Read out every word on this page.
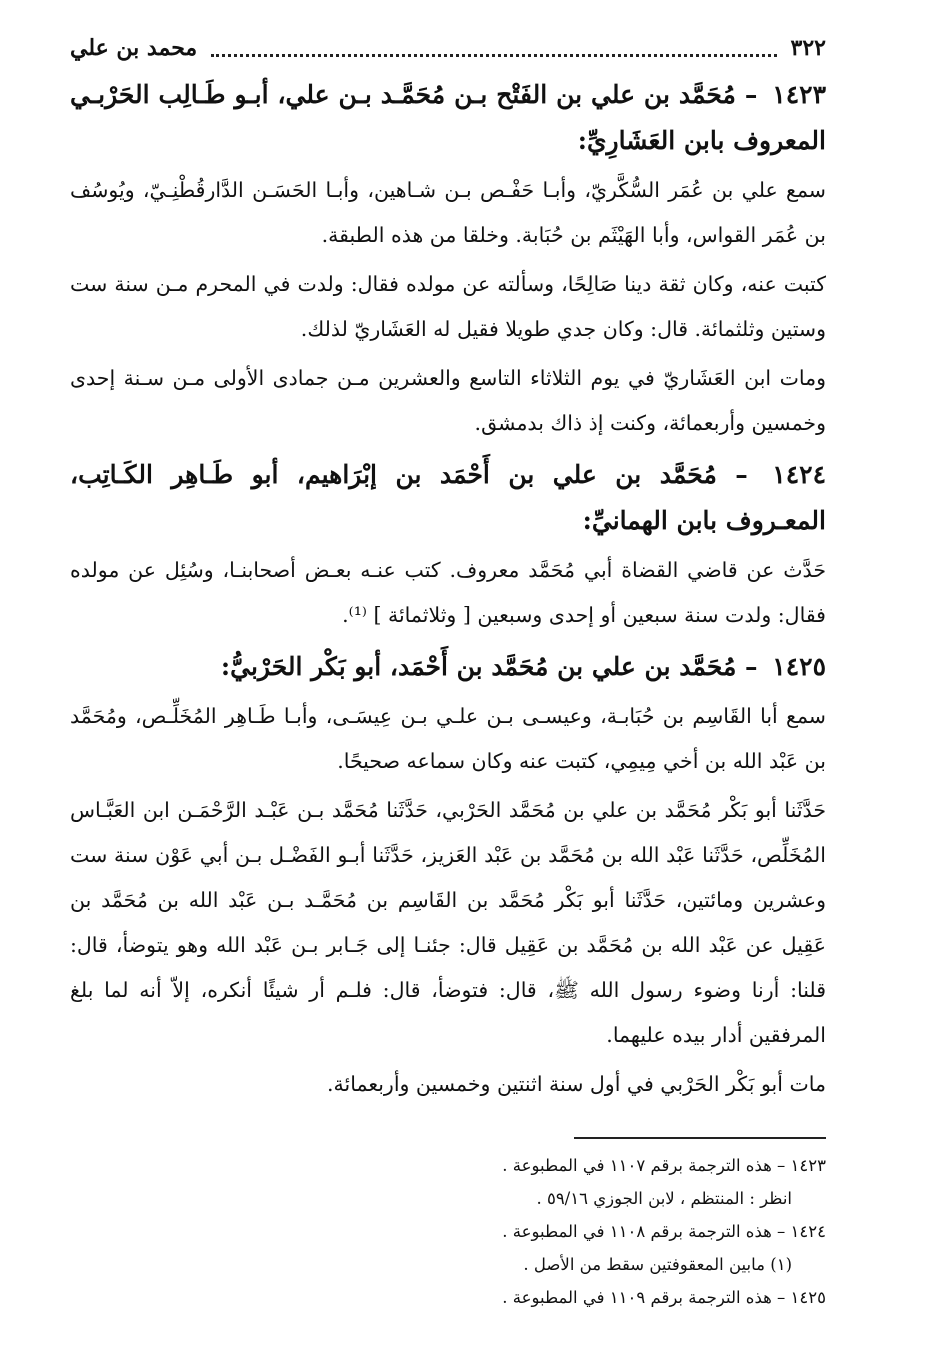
٣٢٢
محمد بن علي
١٤٢٣ – مُحَمَّد بن علي بن الفَتْح بـن مُحَمَّـد بـن علي، أبـو طَـالِب الحَرْبـي المعروف بابن العَشَارِيِّ:

سمع علي بن عُمَر السُّكَّريّ، وأبـا حَفْـص بـن شـاهين، وأبـا الحَسَـن الدَّارقُطْنِـيّ، ويُوسُف بن عُمَر القواس، وأبا الهَيْثَم بن حُبَابة. وخلقا من هذه الطبقة.

كتبت عنه، وكان ثقة دينا صَالِحًا، وسألته عن مولده فقال: ولدت في المحرم مـن سنة ست وستين وثلثمائة. قال: وكان جدي طويلا فقيل له العَشَاريّ لذلك.

ومات ابن العَشَاريّ في يوم الثلاثاء التاسع والعشرين مـن جمادى الأولى مـن سـنة إحدى وخمسين وأربعمائة، وكنت إذ ذاك بدمشق.

١٤٢٤ – مُحَمَّد بن علي بن أَحْمَد بن إبْرَاهيم، أبو طَـاهِر الكَـاتِب، المعـروف بابن الهمانيِّ:

حَدَّث عن قاضي القضاة أبي مُحَمَّد معروف. كتب عنـه بعـض أصحابنـا، وسُئِل عن مولده فقال: ولدت سنة سبعين أو إحدى وسبعين [ وثلاثمائة ] ⁽¹⁾.

١٤٢٥ – مُحَمَّد بن علي بن مُحَمَّد بن أَحْمَد، أبو بَكْر الحَرْبيُّ:

سمع أبا القَاسِم بن حُبَابـة، وعيسـى بـن علـي بـن عِيسَـى، وأبـا طَـاهِر المُخَلِّـص، ومُحَمَّد بن عَبْد الله بن أخي مِيمِي، كتبت عنه وكان سماعه صحيحًا.

حَدَّثَنا أبو بَكْر مُحَمَّد بن علي بن مُحَمَّد الحَرْبي، حَدَّثَنا مُحَمَّد بـن عَبْـد الرَّحْمَـن ابن العَبَّـاس المُخَلِّص، حَدَّثَنا عَبْد الله بن مُحَمَّد بن عَبْد العَزيز، حَدَّثَنا أبـو الفَضْـل بـن أبي عَوْن سنة ست وعشرين ومائتين، حَدَّثَنا أبو بَكْر مُحَمَّد بن القَاسِم بن مُحَمَّـد بـن عَبْد الله بن مُحَمَّد بن عَقِيل عن عَبْد الله بن مُحَمَّد بن عَقِيل قال: جئنـا إلى جَـابر بـن عَبْد الله وهو يتوضأ، قال: قلنا: أرنا وضوء رسول الله ﷺ، قال: فتوضأ، قال: فلـم أر شيئًا أنكره، إلاّ أنه لما بلغ المرفقين أدار بيده عليهما.

مات أبو بَكْر الحَرْبي في أول سنة اثنتين وخمسين وأربعمائة.

١٤٢٣ – هذه الترجمة برقم ١١٠٧ في المطبوعة .
انظر : المنتظم ، لابن الجوزي ٥٩/١٦ .
١٤٢٤ – هذه الترجمة برقم ١١٠٨ في المطبوعة .
(١) مابين المعقوفتين سقط من الأصل .
١٤٢٥ – هذه الترجمة برقم ١١٠٩ في المطبوعة .
